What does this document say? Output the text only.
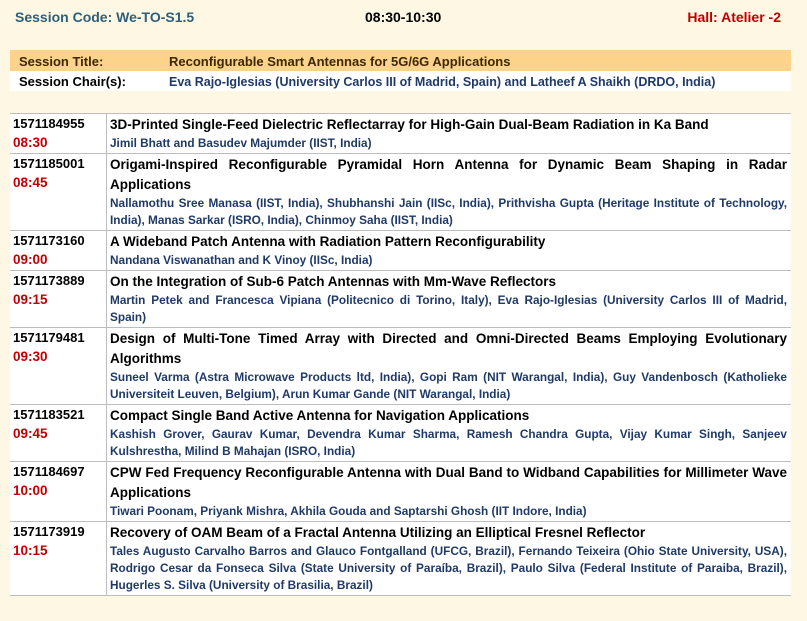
Session Code: We-TO-S1.5	08:30-10:30	Hall: Atelier -2
Session Title:	Reconfigurable Smart Antennas for 5G/6G Applications
Session Chair(s):	Eva Rajo-Iglesias (University Carlos III of Madrid, Spain) and Latheef A Shaikh (DRDO, India)
1571184955
08:30	3D-Printed Single-Feed Dielectric Reflectarray for High-Gain Dual-Beam Radiation in Ka Band
Jimil Bhatt and Basudev Majumder (IIST, India)

1571185001
08:45	Origami-Inspired Reconfigurable Pyramidal Horn Antenna for Dynamic Beam Shaping in Radar Applications
Nallamothu Sree Manasa (IIST, India), Shubhanshi Jain (IISc, India), Prithvisha Gupta (Heritage Institute of Technology, India), Manas Sarkar (ISRO, India), Chinmoy Saha (IIST, India)

1571173160
09:00	A Wideband Patch Antenna with Radiation Pattern Reconfigurability
Nandana Viswanathan and K Vinoy (IISc, India)

1571173889
09:15	On the Integration of Sub-6 Patch Antennas with Mm-Wave Reflectors
Martin Petek and Francesca Vipiana (Politecnico di Torino, Italy), Eva Rajo-Iglesias (University Carlos III of Madrid, Spain)

1571179481
09:30	Design of Multi-Tone Timed Array with Directed and Omni-Directed Beams Employing Evolutionary Algorithms
Suneel Varma (Astra Microwave Products ltd, India), Gopi Ram (NIT Warangal, India), Guy Vandenbosch (Katholieke Universiteit Leuven, Belgium), Arun Kumar Gande (NIT Warangal, India)

1571183521
09:45	Compact Single Band Active Antenna for Navigation Applications
Kashish Grover, Gaurav Kumar, Devendra Kumar Sharma, Ramesh Chandra Gupta, Vijay Kumar Singh, Sanjeev Kulshrestha, Milind B Mahajan (ISRO, India)

1571184697
10:00	CPW Fed Frequency Reconfigurable Antenna with Dual Band to Widband Capabilities for Millimeter Wave Applications
Tiwari Poonam, Priyank Mishra, Akhila Gouda and Saptarshi Ghosh (IIT Indore, India)

1571173919
10:15	Recovery of OAM Beam of a Fractal Antenna Utilizing an Elliptical Fresnel Reflector
Tales Augusto Carvalho Barros and Glauco Fontgalland (UFCG, Brazil), Fernando Teixeira (Ohio State University, USA), Rodrigo Cesar da Fonseca Silva (State University of Paraíba, Brazil), Paulo Silva (Federal Institute of Paraiba, Brazil), Hugerles S. Silva (University of Brasilia, Brazil)
